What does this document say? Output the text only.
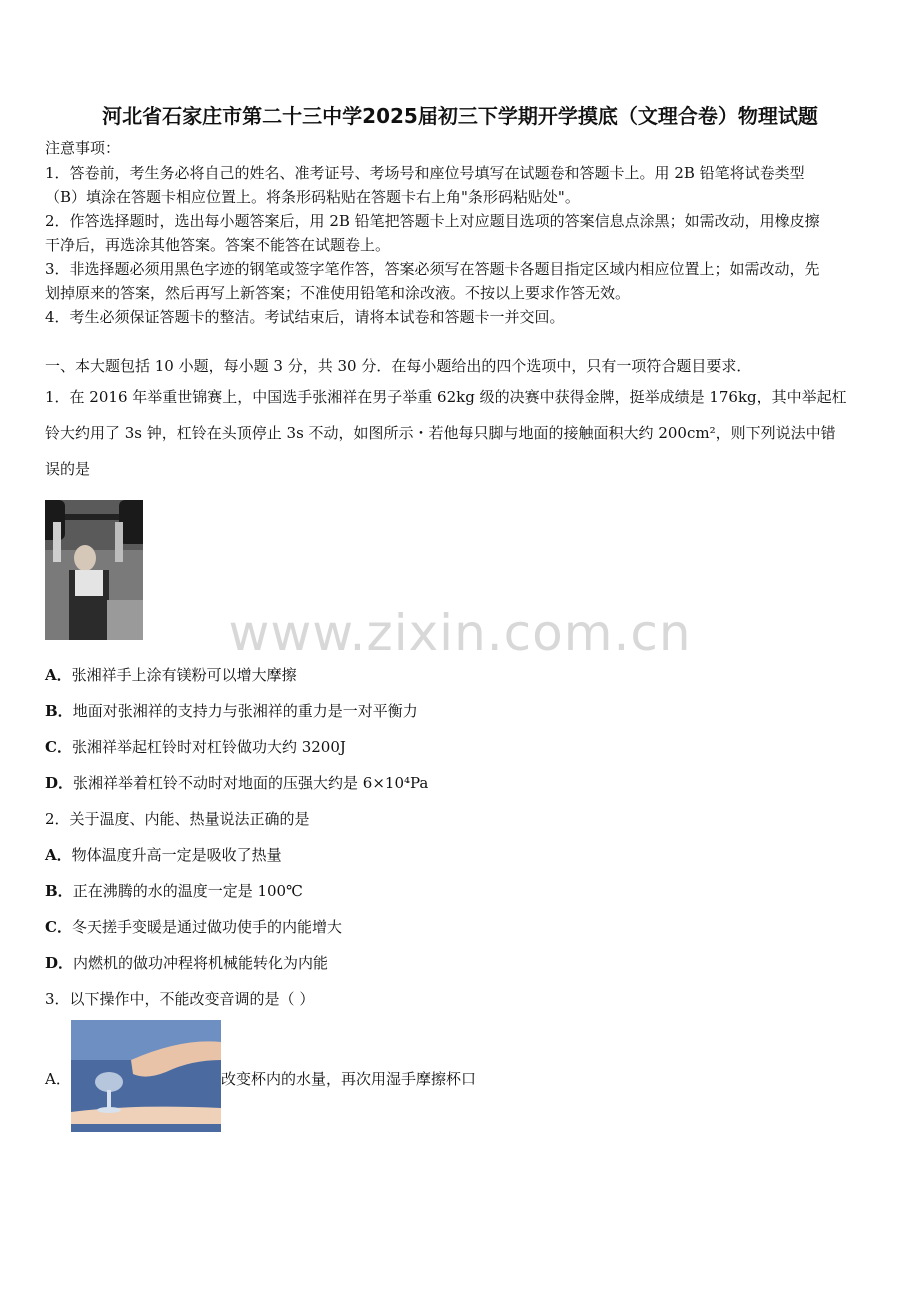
河北省石家庄市第二十三中学2025届初三下学期开学摸底（文理合卷）物理试题
注意事项：
1．答卷前，考生务必将自己的姓名、准考证号、考场号和座位号填写在试题卷和答题卡上。用 2B 铅笔将试卷类型
（B）填涂在答题卡相应位置上。将条形码粘贴在答题卡右上角"条形码粘贴处"。
2．作答选择题时，选出每小题答案后，用 2B 铅笔把答题卡上对应题目选项的答案信息点涂黑；如需改动，用橡皮擦
干净后，再选涂其他答案。答案不能答在试题卷上。
3．非选择题必须用黑色字迹的钢笔或签字笔作答，答案必须写在答题卡各题目指定区域内相应位置上；如需改动，先
划掉原来的答案，然后再写上新答案；不准使用铅笔和涂改液。不按以上要求作答无效。
4．考生必须保证答题卡的整洁。考试结束后，请将本试卷和答题卡一并交回。
一、本大题包括 10 小题，每小题 3 分，共 30 分．在每小题给出的四个选项中，只有一项符合题目要求．
1．在 2016 年举重世锦赛上，中国选手张湘祥在男子举重 62kg 级的决赛中获得金牌，挺举成绩是 176kg，其中举起杠
铃大约用了 3s 钟，杠铃在头顶停止 3s 不动，如图所示・若他每只脚与地面的接触面积大约 200cm²，则下列说法中错
误的是
A．张湘祥手上涂有镁粉可以增大摩擦
B．地面对张湘祥的支持力与张湘祥的重力是一对平衡力
C．张湘祥举起杠铃时对杠铃做功大约 3200J
D．张湘祥举着杠铃不动时对地面的压强大约是 6×10⁴Pa
2．关于温度、内能、热量说法正确的是
A．物体温度升高一定是吸收了热量
B．正在沸腾的水的温度一定是 100℃
C．冬天搓手变暖是通过做功使手的内能增大
D．内燃机的做功冲程将机械能转化为内能
3．以下操作中，不能改变音调的是（ ）
A．	改变杯内的水量，再次用湿手摩擦杯口
www.zixin.com.cn
